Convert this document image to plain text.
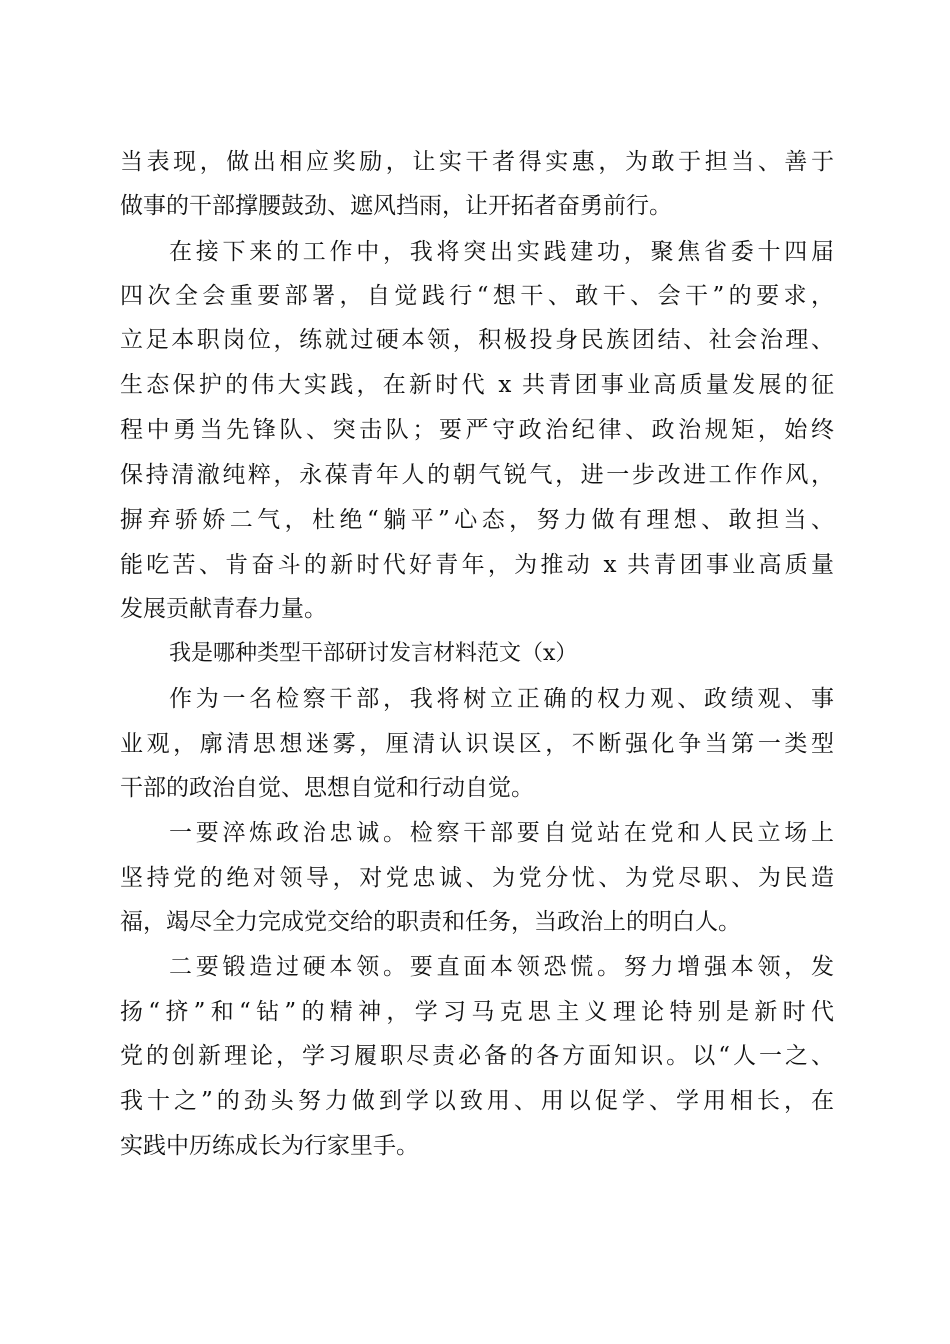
当表现，做出相应奖励，让实干者得实惠，为敢于担当、善于
做事的干部撑腰鼓劲、遮风挡雨，让开拓者奋勇前行。
在接下来的工作中，我将突出实践建功，聚焦省委十四届
四次全会重要部署，自觉践行“想干、敢干、会干”的要求，
立足本职岗位，练就过硬本领，积极投身民族团结、社会治理、
生态保护的伟大实践，在新时代 x 共青团事业高质量发展的征
程中勇当先锋队、突击队；要严守政治纪律、政治规矩，始终
保持清澈纯粹，永葆青年人的朝气锐气，进一步改进工作作风，
摒弃骄娇二气，杜绝“躺平”心态，努力做有理想、敢担当、
能吃苦、肯奋斗的新时代好青年，为推动 x 共青团事业高质量
发展贡献青春力量。
我是哪种类型干部研讨发言材料范文（x）
作为一名检察干部，我将树立正确的权力观、政绩观、事
业观，廓清思想迷雾，厘清认识误区，不断强化争当第一类型
干部的政治自觉、思想自觉和行动自觉。
一要淬炼政治忠诚。检察干部要自觉站在党和人民立场上
坚持党的绝对领导，对党忠诚、为党分忧、为党尽职、为民造
福，竭尽全力完成党交给的职责和任务，当政治上的明白人。
二要锻造过硬本领。要直面本领恐慌。努力增强本领，发
扬“挤”和“钻”的精神，学习马克思主义理论特别是新时代
党的创新理论，学习履职尽责必备的各方面知识。以“人一之、
我十之”的劲头努力做到学以致用、用以促学、学用相长，在
实践中历练成长为行家里手。
